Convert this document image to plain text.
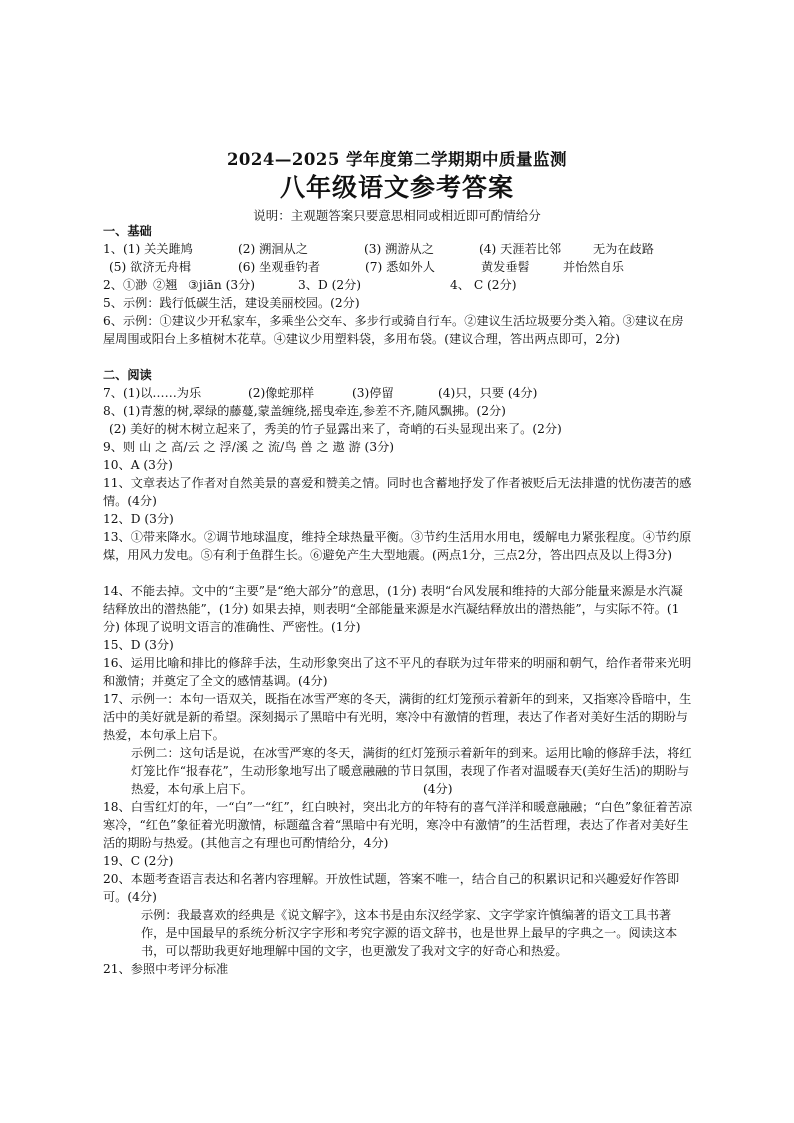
2024—2025 学年度第二学期期中质量监测
八年级语文参考答案
说明：主观题答案只要意思相同或相近即可酌情给分
一、基础
1、(1) 关关雎鸠	(2) 溯洄从之	(3) 溯游从之	(4) 天涯若比邻	无为在歧路
(5) 欲济无舟楫	(6) 坐观垂钓者	(7) 悉如外人	黄发垂髫	并怡然自乐
2、①渺 ②翘 ③jiān (3分)	3、D (2分)	4、 C (2分)
5、示例：践行低碳生活，建设美丽校园。(2分)
6、示例：①建议少开私家车，多乘坐公交车、多步行或骑自行车。②建议生活垃圾要分类入箱。③建议在房屋周围或阳台上多植树木花草。④建议少用塑料袋，多用布袋。(建议合理，答出两点即可，2分)
二、阅读
7、(1)以……为乐	(2)像蛇那样	(3)停留	(4)只，只要 (4分)
8、(1)青葱的树,翠绿的藤蔓,蒙盖缠绕,摇曳牵连,参差不齐,随风飘拂。(2分)
(2) 美好的树木树立起来了，秀美的竹子显露出来了，奇峭的石头显现出来了。(2分)
9、则 山 之 高/云 之 浮/溪 之 流/鸟 兽 之 遨 游 (3分)
10、A (3分)
11、文章表达了作者对自然美景的喜爱和赞美之情。同时也含蓄地抒发了作者被贬后无法排遣的忧伤凄苦的感情。(4分)
12、D (3分)
13、①带来降水。②调节地球温度，维持全球热量平衡。③节约生活用水用电，缓解电力紧张程度。④节约原煤，用风力发电。⑤有利于鱼群生长。⑥避免产生大型地震。(两点1分，三点2分，答出四点及以上得3分)
14、不能去掉。文中的“主要”是“绝大部分”的意思，(1分) 表明“台风发展和维持的大部分能量来源是水汽凝结释放出的潜热能”，(1分) 如果去掉，则表明“全部能量来源是水汽凝结释放出的潜热能”，与实际不符。(1分) 体现了说明文语言的准确性、严密性。(1分)
15、D (3分)
16、运用比喻和排比的修辞手法，生动形象突出了这不平凡的春联为过年带来的明丽和朝气，给作者带来光明和激情；并奠定了全文的感情基调。(4分)
17、示例一：本句一语双关，既指在冰雪严寒的冬天，满街的红灯笼预示着新年的到来，又指寒冷昏暗中，生活中的美好就是新的希望。深刻揭示了黑暗中有光明，寒冷中有激情的哲理，表达了作者对美好生活的期盼与热爱，本句承上启下。
示例二：这句话是说，在冰雪严寒的冬天，满街的红灯笼预示着新年的到来。运用比喻的修辞手法，将红灯笼比作“报春花”，生动形象地写出了暖意融融的节日氛围，表现了作者对温暖春天(美好生活)的期盼与热爱，本句承上启下。	(4分)
18、白雪红灯的年，一“白”一“红”，红白映衬，突出北方的年特有的喜气洋洋和暖意融融；“白色”象征着苦凉寒冷，“红色”象征着光明激情，标题蕴含着“黑暗中有光明，寒冷中有激情”的生活哲理，表达了作者对美好生活的期盼与热爱。(其他言之有理也可酌情给分，4分)
19、C (2分)
20、本题考查语言表达和名著内容理解。开放性试题，答案不唯一，结合自己的积累识记和兴趣爱好作答即可。(4分)
示例：我最喜欢的经典是《说文解字》，这本书是由东汉经学家、文字学家许慎编著的语文工具书著作，是中国最早的系统分析汉字字形和考究字源的语文辞书，也是世界上最早的字典之一。阅读这本书，可以帮助我更好地理解中国的文字，也更激发了我对文字的好奇心和热爱。
21、参照中考评分标准
